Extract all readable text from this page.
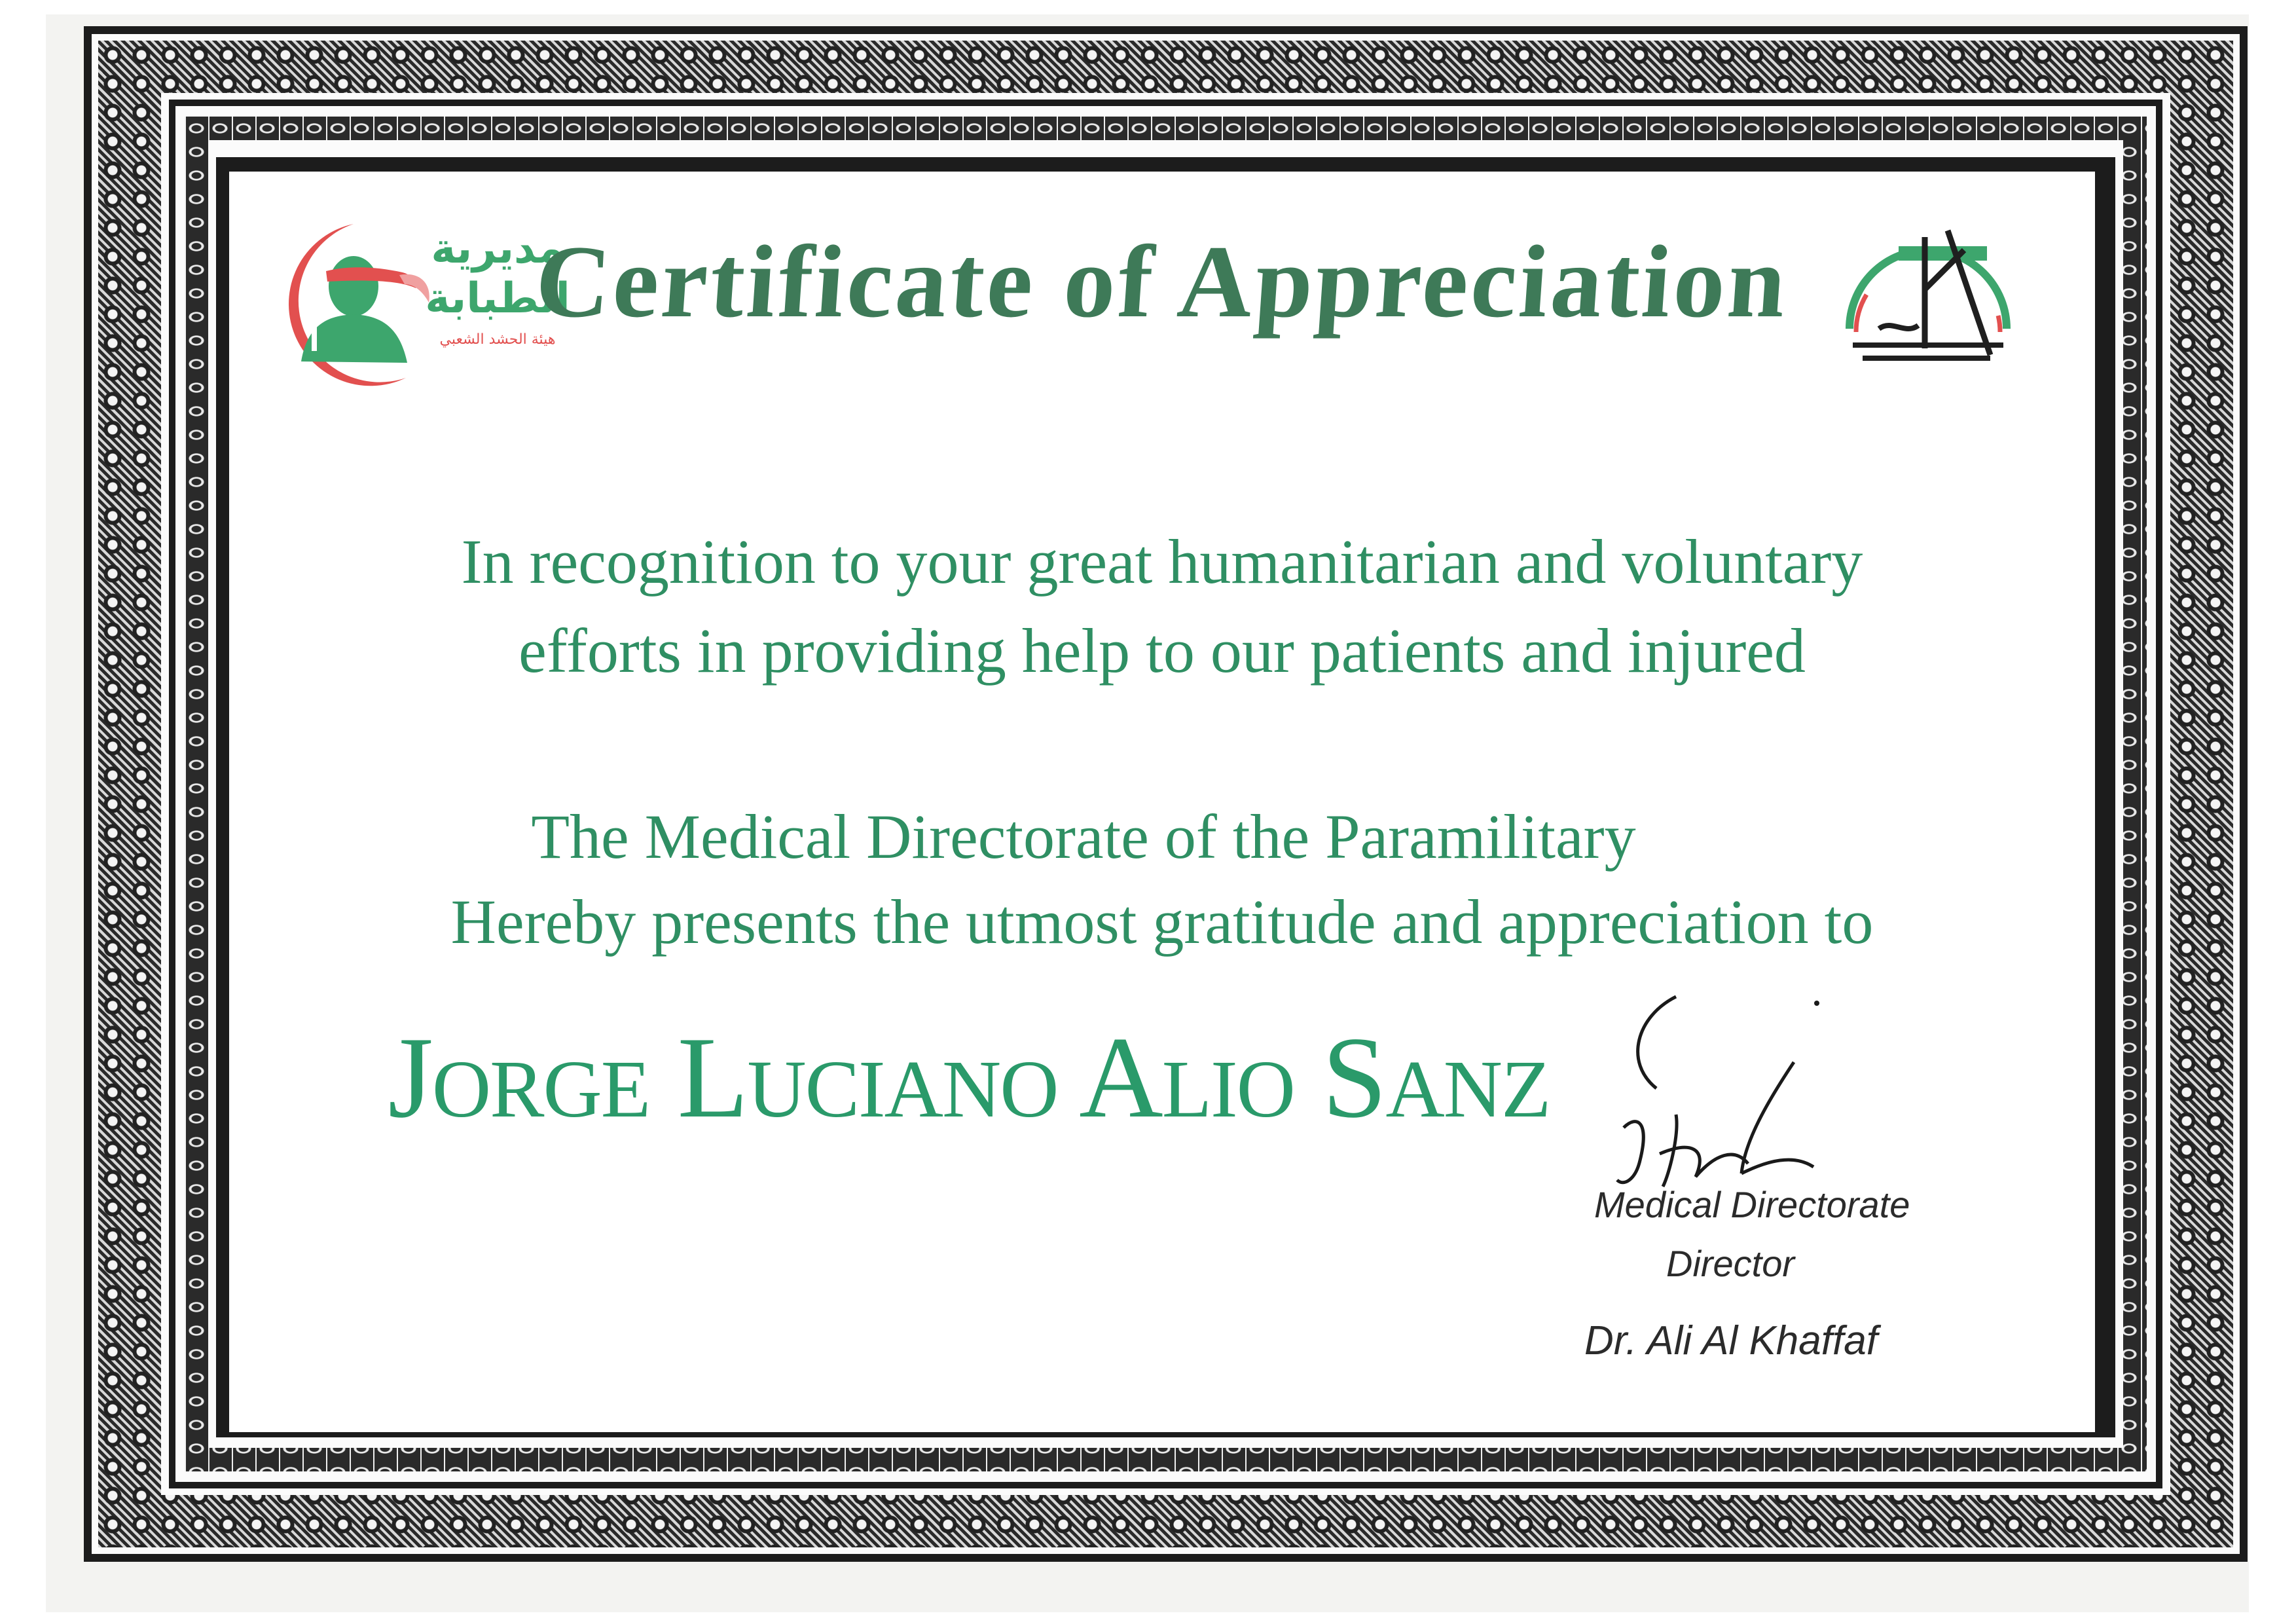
مديرية
الطبابة
هيئة الحشد الشعبي
Certificate of Appreciation
In recognition to your great humanitarian and voluntary
efforts in providing help to our patients and injured
The Medical Directorate of the Paramilitary
Hereby presents the utmost gratitude and appreciation to
Jorge Luciano Alio Sanz
Medical Directorate
Director
Dr. Ali Al Khaffaf
